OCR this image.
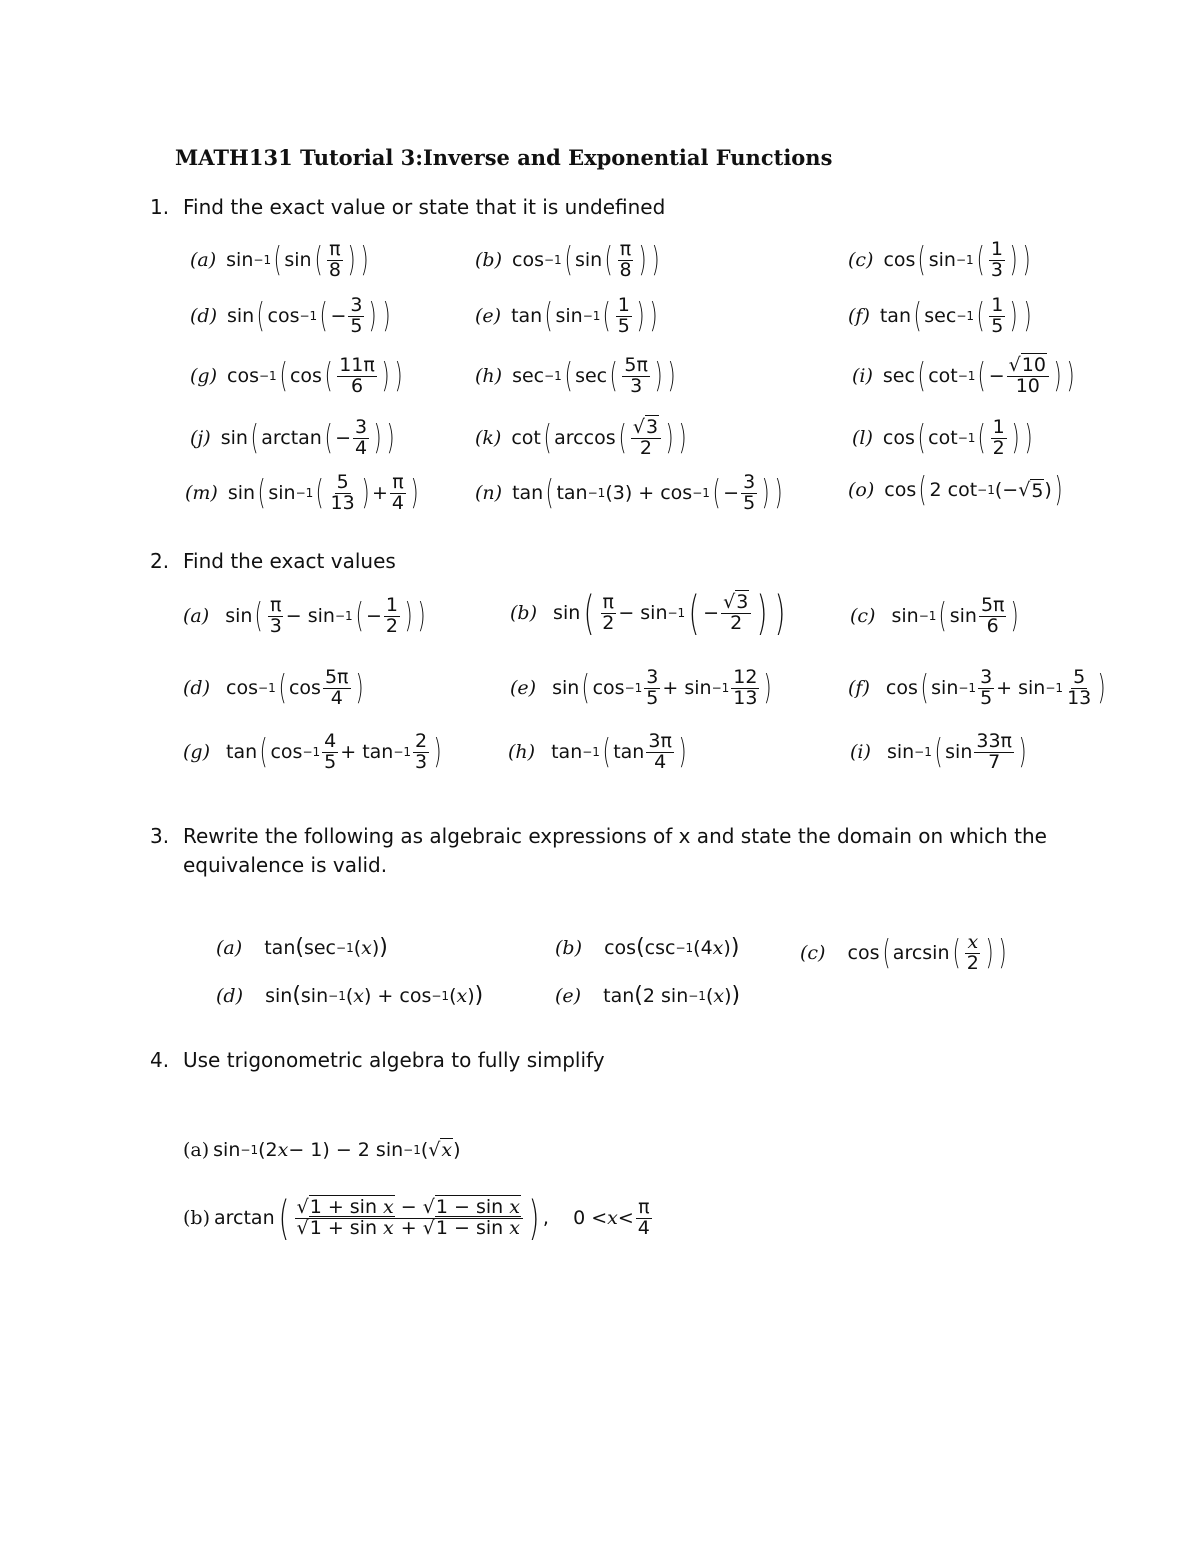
MATH131 Tutorial 3:Inverse and Exponential Functions
1. Find the exact value or state that it is undefined
(a) sin −1 ( sin ( π
8 ) )	(b) cos −1 ( sin ( π
8 ) )	(c) cos ( sin −1 ( 1
3 ) )
(d) sin ( cos −1 ( −
3
5 ) )	(e) tan ( sin −1 ( 1
5 ) )	(f) tan ( sec −1 ( 1
5 ) )
(g) cos −1 ( cos ( 11π
6 ) )	(h) sec −1 ( sec ( 5π
3 ) )	(i) sec ( cot −1 ( −
√10
10 ) )
(j) sin ( arctan ( −
3
4 ) )	(k) cot ( arccos ( √3
2 ) )	(l) cos ( cot −1 ( 1
2 ) )
(m) sin ( sin −1 ( 5
13 ) +
π
4 )	(n) tan ( tan −1 (3) + cos −1 ( −
3
5 ) )	(o) cos ( 2 cot −1 (−√ 5 ) )
2. Find the exact values
(a) sin ( π
3 − sin −1 ( −
1
2 ) )	(b) sin ( π
2 − sin −1 ( −
√3
2 ) )	(c) sin −1 ( sin
5π
6 )
(d) cos −1 ( cos
5π
4 )	(e) sin ( cos −1
3
5 + sin −1
12
13 )	(f) cos ( sin −1
3
5 + sin −1
5
13 )
(g) tan ( cos −1
4
5 + tan −1
2
3 )	(h) tan −1 ( tan
3π
4 )	(i) sin −1 ( sin
33π
7 )
3. Rewrite the following as algebraic expressions of x and state the domain on which the
equivalence is valid.
(a) tan ( sec −1 ( x ) )	(b) cos ( csc −1 (4 x ) )	(c) cos ( arcsin ( x
2 ) )
(d) sin ( sin −1 ( x ) + cos −1 ( x ) )	(e) tan ( 2 sin −1 ( x ) )
4. Use trigonometric algebra to fully simplify
(a) sin −1 (2 x − 1) − 2 sin −1 (√ x )
(b) arctan ( √1 + sin x − √1 − sin x
√1 + sin x + √1 − sin x ) ,    0 < x <
π
4
